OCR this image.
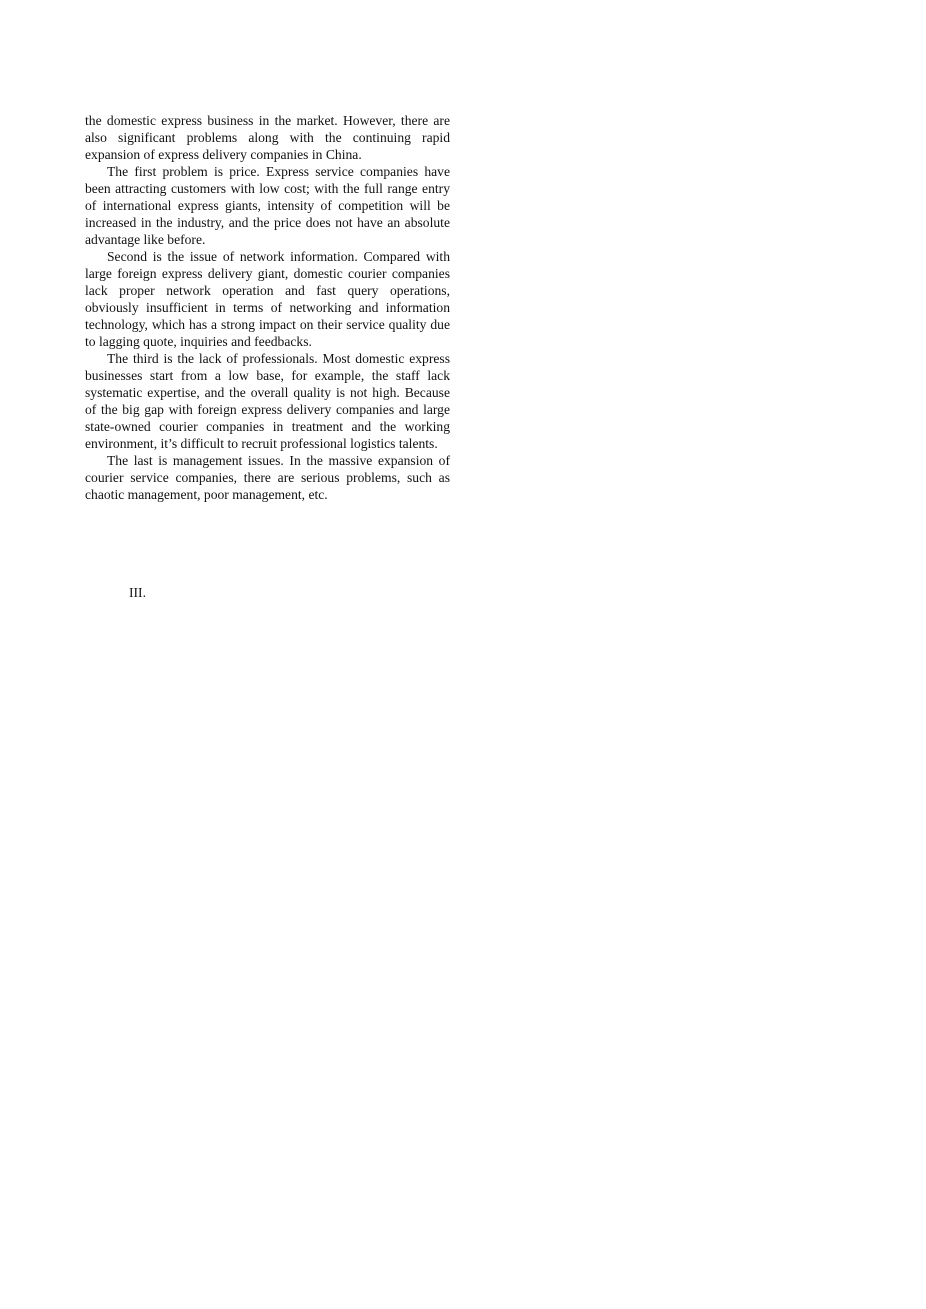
the domestic express business in the market. However, there are also significant problems along with the continuing rapid expansion of express delivery companies in China.

The first problem is price. Express service companies have been attracting customers with low cost; with the full range entry of international express giants, intensity of competition will be increased in the industry, and the price does not have an absolute advantage like before.

Second is the issue of network information. Compared with large foreign express delivery giant, domestic courier companies lack proper network operation and fast query operations, obviously insufficient in terms of networking and information technology, which has a strong impact on their service quality due to lagging quote, inquiries and feedbacks.

The third is the lack of professionals. Most domestic express businesses start from a low base, for example, the staff lack systematic expertise, and the overall quality is not high. Because of the big gap with foreign express delivery companies and large state-owned courier companies in treatment and the working environment, it’s difficult to recruit professional logistics talents.

The last is management issues. In the massive expansion of courier service companies, there are serious problems, such as chaotic management, poor management, etc.

III.
